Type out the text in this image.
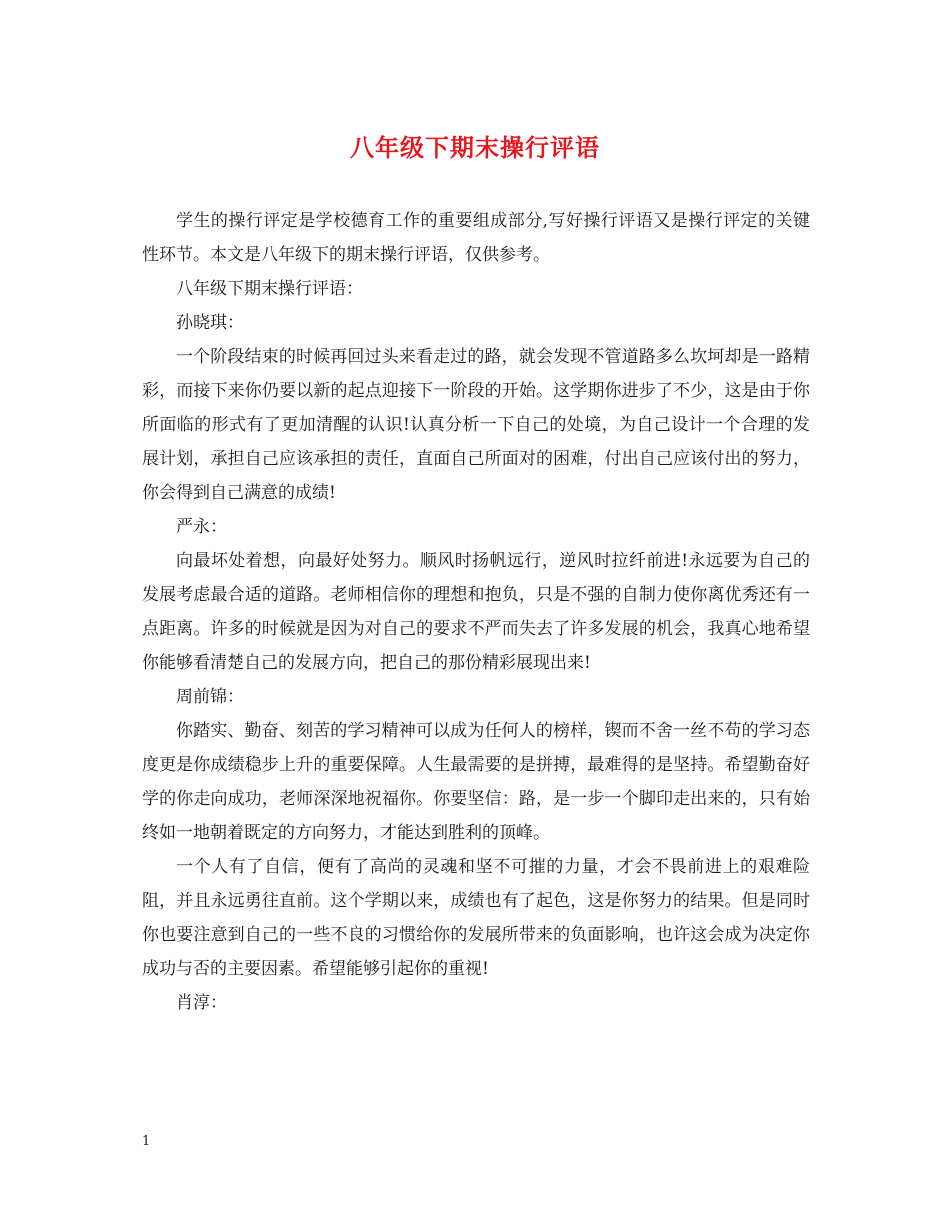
八年级下期末操行评语

学生的操行评定是学校德育工作的重要组成部分,写好操行评语又是操行评定的关键性环节。本文是八年级下的期末操行评语，仅供参考。

八年级下期末操行评语：

孙晓琪：

一个阶段结束的时候再回过头来看走过的路，就会发现不管道路多么坎坷却是一路精彩，而接下来你仍要以新的起点迎接下一阶段的开始。这学期你进步了不少，这是由于你所面临的形式有了更加清醒的认识!认真分析一下自己的处境，为自己设计一个合理的发展计划，承担自己应该承担的责任，直面自己所面对的困难，付出自己应该付出的努力，你会得到自己满意的成绩!

严永：

向最坏处着想，向最好处努力。顺风时扬帆远行，逆风时拉纤前进!永远要为自己的发展考虑最合适的道路。老师相信你的理想和抱负，只是不强的自制力使你离优秀还有一点距离。许多的时候就是因为对自己的要求不严而失去了许多发展的机会，我真心地希望你能够看清楚自己的发展方向，把自己的那份精彩展现出来!

周前锦：

你踏实、勤奋、刻苦的学习精神可以成为任何人的榜样，锲而不舍一丝不苟的学习态度更是你成绩稳步上升的重要保障。人生最需要的是拼搏，最难得的是坚持。希望勤奋好学的你走向成功，老师深深地祝福你。你要坚信：路，是一步一个脚印走出来的，只有始终如一地朝着既定的方向努力，才能达到胜利的顶峰。

一个人有了自信，便有了高尚的灵魂和坚不可摧的力量，才会不畏前进上的艰难险阻，并且永远勇往直前。这个学期以来，成绩也有了起色，这是你努力的结果。但是同时你也要注意到自己的一些不良的习惯给你的发展所带来的负面影响，也许这会成为决定你成功与否的主要因素。希望能够引起你的重视!

肖淳：

1
